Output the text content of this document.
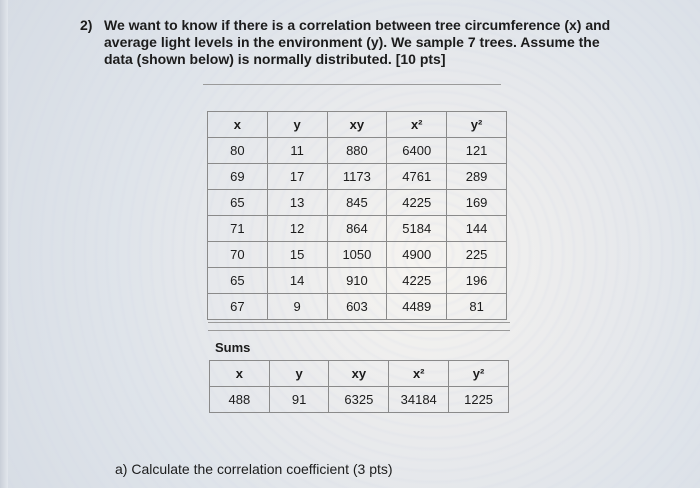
2) We want to know if there is a correlation between tree circumference (x) and average light levels in the environment (y). We sample 7 trees. Assume the data (shown below) is normally distributed. [10 pts]
x	y	xy	x²	y²
80	11	880	6400	121
69	17	1173	4761	289
65	13	845	4225	169
71	12	864	5184	144
70	15	1050	4900	225
65	14	910	4225	196
67	9	603	4489	81
Sums
x	y	xy	x²	y²
488	91	6325	34184	1225
a) Calculate the correlation coefficient (3 pts)
